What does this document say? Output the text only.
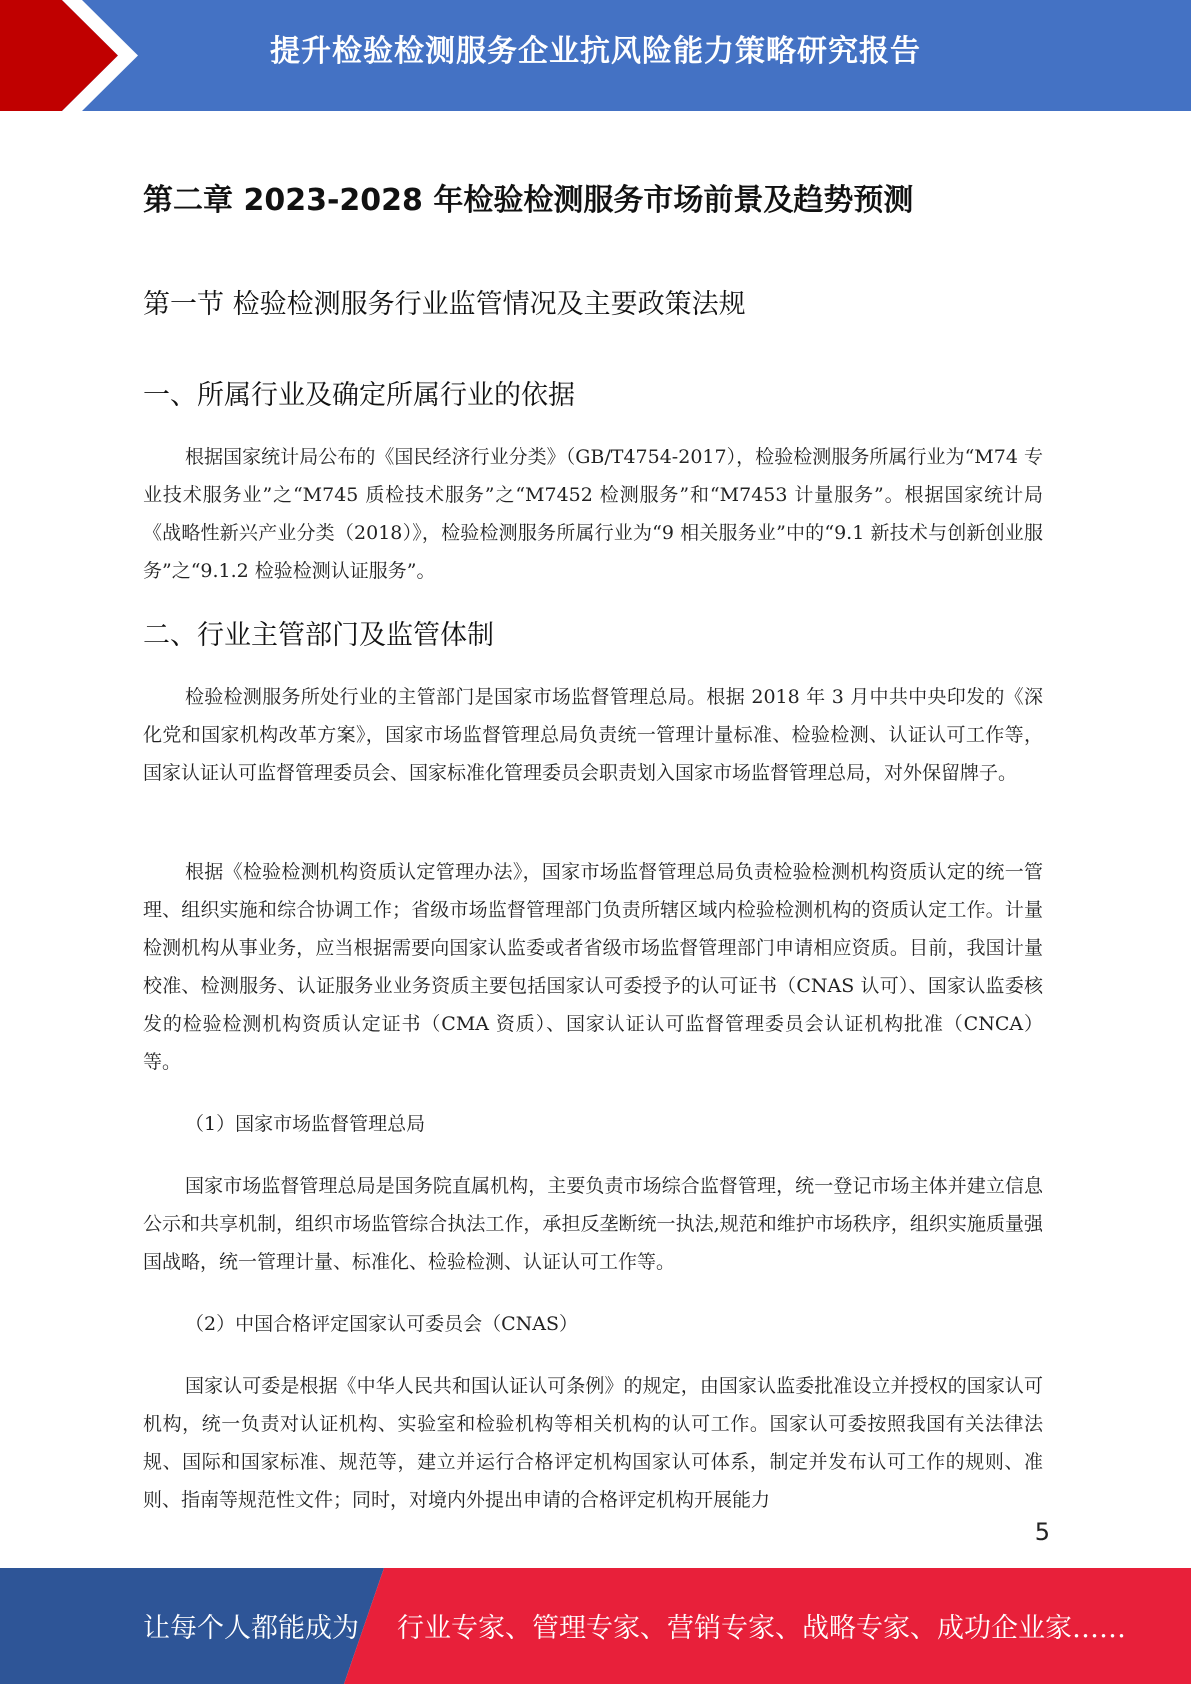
提升检验检测服务企业抗风险能力策略研究报告
第二章 2023-2028 年检验检测服务市场前景及趋势预测
第一节 检验检测服务行业监管情况及主要政策法规
一、所属行业及确定所属行业的依据

根据国家统计局公布的《国民经济行业分类》（GB/T4754-2017），检验检测服务所属行业为“M74 专业技术服务业”之“M745 质检技术服务”之“M7452 检测服务”和“M7453 计量服务”。根据国家统计局《战略性新兴产业分类（2018）》，检验检测服务所属行业为“9 相关服务业”中的“9.1 新技术与创新创业服务”之“9.1.2 检验检测认证服务”。

二、行业主管部门及监管体制

检验检测服务所处行业的主管部门是国家市场监督管理总局。根据 2018 年 3 月中共中央印发的《深化党和国家机构改革方案》，国家市场监督管理总局负责统一管理计量标准、检验检测、认证认可工作等，国家认证认可监督管理委员会、国家标准化管理委员会职责划入国家市场监督管理总局，对外保留牌子。

根据《检验检测机构资质认定管理办法》，国家市场监督管理总局负责检验检测机构资质认定的统一管理、组织实施和综合协调工作；省级市场监督管理部门负责所辖区域内检验检测机构的资质认定工作。计量检测机构从事业务，应当根据需要向国家认监委或者省级市场监督管理部门申请相应资质。目前，我国计量校准、检测服务、认证服务业业务资质主要包括国家认可委授予的认可证书（CNAS 认可）、国家认监委核发的检验检测机构资质认定证书（CMA 资质）、国家认证认可监督管理委员会认证机构批准（CNCA）等。

（1）国家市场监督管理总局

国家市场监督管理总局是国务院直属机构，主要负责市场综合监督管理，统一登记市场主体并建立信息公示和共享机制，组织市场监管综合执法工作，承担反垄断统一执法,规范和维护市场秩序，组织实施质量强国战略，统一管理计量、标准化、检验检测、认证认可工作等。

（2）中国合格评定国家认可委员会（CNAS）

国家认可委是根据《中华人民共和国认证认可条例》的规定，由国家认监委批准设立并授权的国家认可机构，统一负责对认证机构、实验室和检验机构等相关机构的认可工作。国家认可委按照我国有关法律法规、国际和国家标准、规范等，建立并运行合格评定机构国家认可体系，制定并发布认可工作的规则、准则、指南等规范性文件；同时，对境内外提出申请的合格评定机构开展能力

5
让每个人都能成为 行业专家、管理专家、营销专家、战略专家、成功企业家……
